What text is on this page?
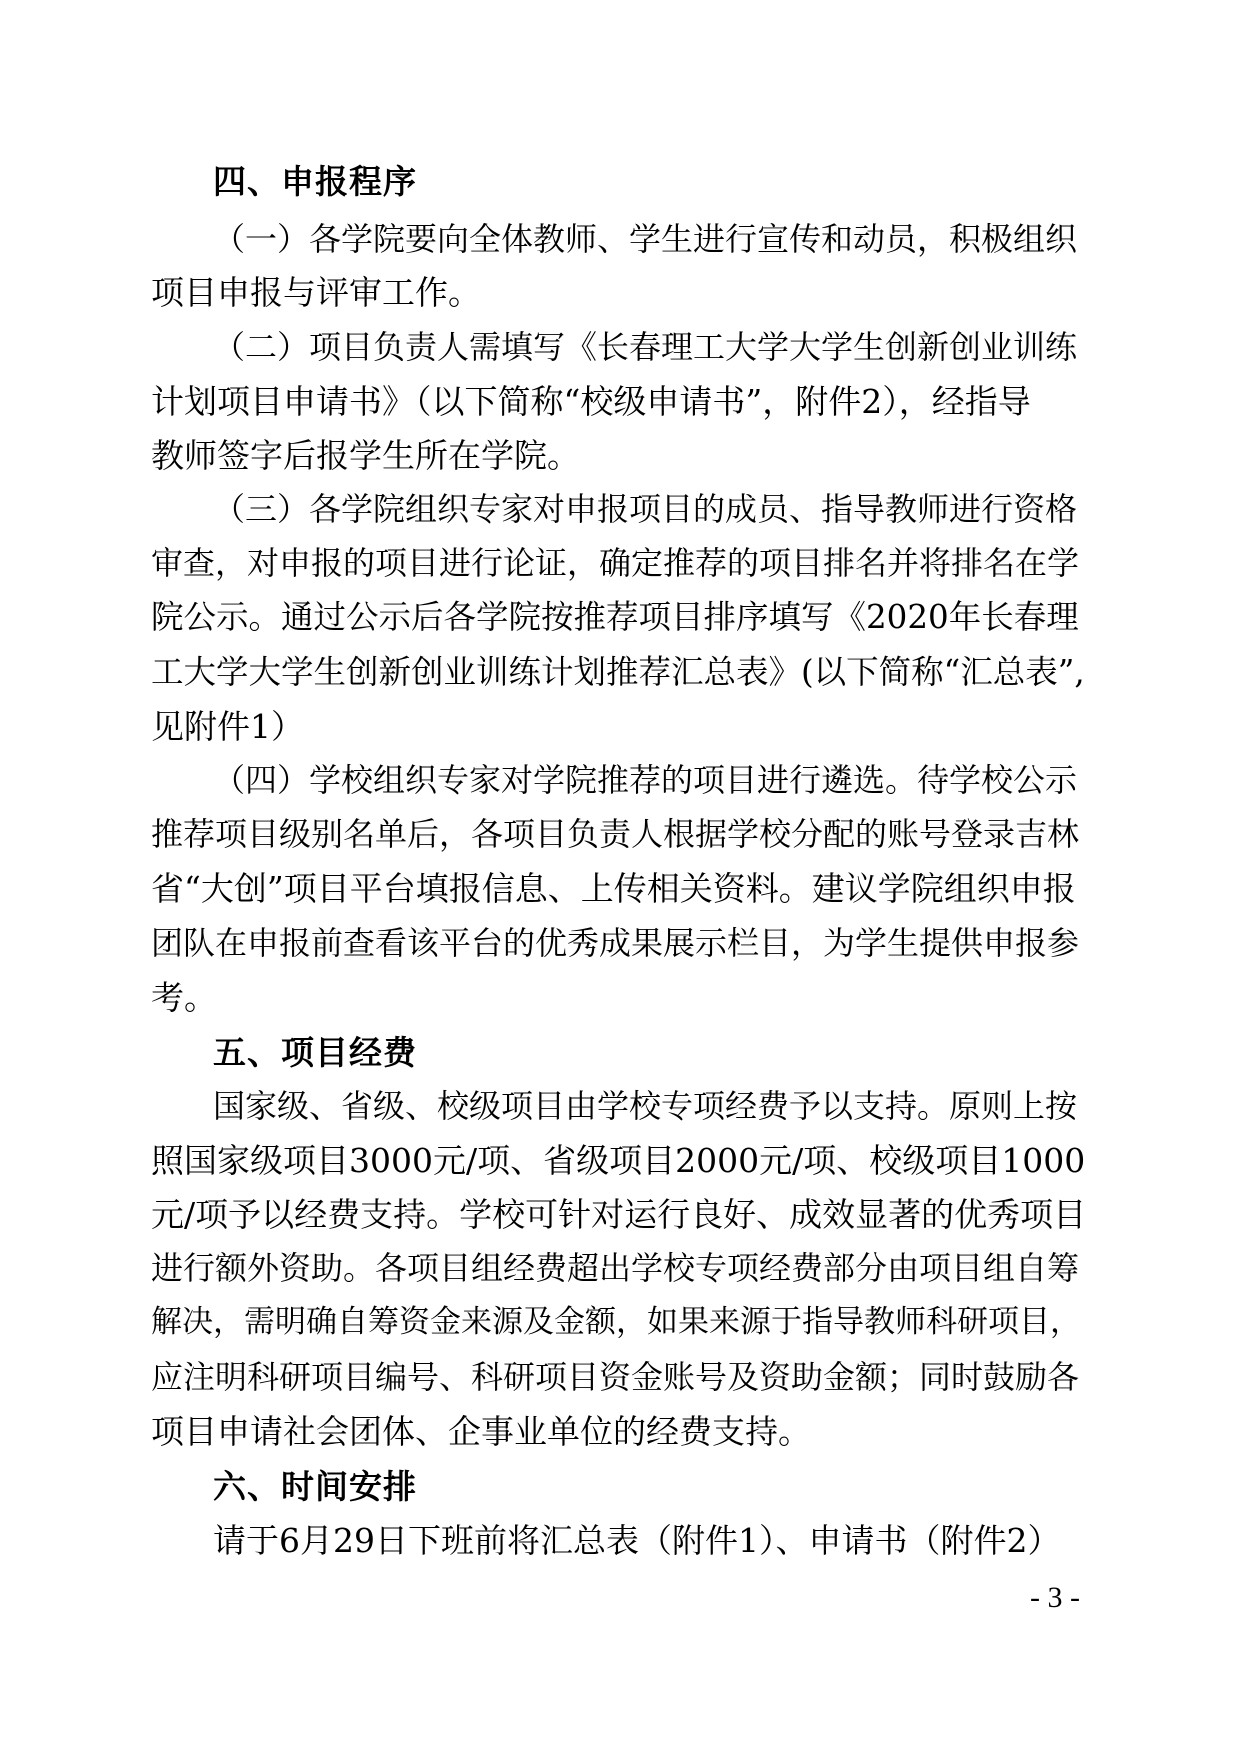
四、申报程序
（一）各学院要向全体教师、学生进行宣传和动员，积极组织
项目申报与评审工作。
（二）项目负责人需填写《长春理工大学大学生创新创业训练
计划项目申请书》（以下简称“校级申请书”，附件2），经指导
教师签字后报学生所在学院。
（三）各学院组织专家对申报项目的成员、指导教师进行资格
审查，对申报的项目进行论证，确定推荐的项目排名并将排名在学
院公示。通过公示后各学院按推荐项目排序填写《2020年长春理
工大学大学生创新创业训练计划推荐汇总表》(以下简称“汇总表”,
见附件1）
（四）学校组织专家对学院推荐的项目进行遴选。待学校公示
推荐项目级别名单后，各项目负责人根据学校分配的账号登录吉林
省“大创”项目平台填报信息、上传相关资料。建议学院组织申报
团队在申报前查看该平台的优秀成果展示栏目，为学生提供申报参
考。
五、项目经费
国家级、省级、校级项目由学校专项经费予以支持。原则上按
照国家级项目3000元/项、省级项目2000元/项、校级项目1000
元/项予以经费支持。学校可针对运行良好、成效显著的优秀项目
进行额外资助。各项目组经费超出学校专项经费部分由项目组自筹
解决，需明确自筹资金来源及金额，如果来源于指导教师科研项目，
应注明科研项目编号、科研项目资金账号及资助金额；同时鼓励各
项目申请社会团体、企事业单位的经费支持。
六、时间安排
请于6月29日下班前将汇总表（附件1）、申请书（附件2）
- 3 -
